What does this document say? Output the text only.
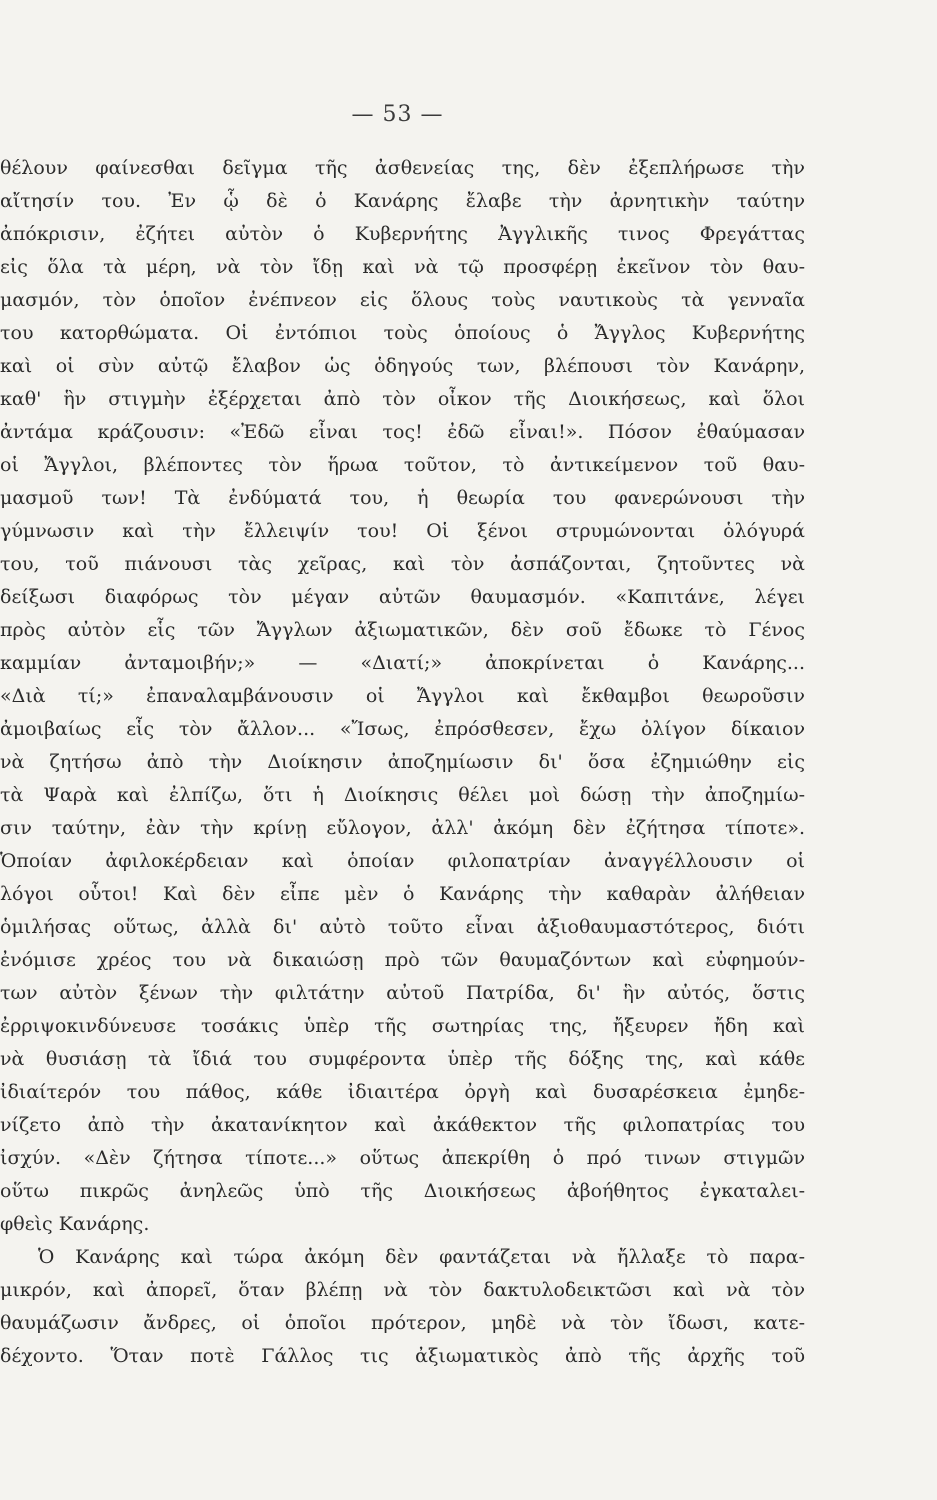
— 53 —
θέλουν φαίνεσθαι δεῖγμα τῆς ἀσθενείας της, δὲν ἐξεπλήρωσε τὴν
αἴτησίν του. Ἐν ᾧ δὲ ὁ Κανάρης ἔλαβε τὴν ἀρνητικὴν ταύτην
ἀπόκρισιν, ἐζήτει αὐτὸν ὁ Κυβερνήτης Ἀγγλικῆς τινος Φρεγάττας
εἰς ὅλα τὰ μέρη, νὰ τὸν ἴδῃ καὶ νὰ τῷ προσφέρῃ ἐκεῖνον τὸν θαυ-
μασμόν, τὸν ὁποῖον ἐνέπνεον εἰς ὅλους τοὺς ναυτικοὺς τὰ γενναῖα
του κατορθώματα. Οἱ ἐντόπιοι τοὺς ὁποίους ὁ Ἄγγλος Κυβερνήτης
καὶ οἱ σὺν αὐτῷ ἔλαβον ὡς ὁδηγούς των, βλέπουσι τὸν Κανάρην,
καθ' ἣν στιγμὴν ἐξέρχεται ἀπὸ τὸν οἶκον τῆς Διοικήσεως, καὶ ὅλοι
ἀντάμα κράζουσιν: «Ἐδῶ εἶναι τος! ἐδῶ εἶναι!». Πόσον ἐθαύμασαν
οἱ Ἄγγλοι, βλέποντες τὸν ἥρωα τοῦτον, τὸ ἀντικείμενον τοῦ θαυ-
μασμοῦ των! Τὰ ἐνδύματά του, ἡ θεωρία του φανερώνουσι τὴν
γύμνωσιν καὶ τὴν ἔλλειψίν του! Οἱ ξένοι στρυμώνονται ὁλόγυρά
του, τοῦ πιάνουσι τὰς χεῖρας, καὶ τὸν ἀσπάζονται, ζητοῦντες νὰ
δείξωσι διαφόρως τὸν μέγαν αὐτῶν θαυμασμόν. «Καπιτάνε, λέγει
πρὸς αὐτὸν εἷς τῶν Ἄγγλων ἀξιωματικῶν, δὲν σοῦ ἔδωκε τὸ Γένος
καμμίαν ἀνταμοιβήν;» — «Διατί;» ἀποκρίνεται ὁ Κανάρης...
«Διὰ τί;» ἐπαναλαμβάνουσιν οἱ Ἄγγλοι καὶ ἔκθαμβοι θεωροῦσιν
ἀμοιβαίως εἷς τὸν ἄλλον... «Ἴσως, ἐπρόσθεσεν, ἔχω ὀλίγον δίκαιον
νὰ ζητήσω ἀπὸ τὴν Διοίκησιν ἀποζημίωσιν δι' ὅσα ἐζημιώθην εἰς
τὰ Ψαρὰ καὶ ἐλπίζω, ὅτι ἡ Διοίκησις θέλει μοὶ δώσῃ τὴν ἀποζημίω-
σιν ταύτην, ἐὰν τὴν κρίνῃ εὔλογον, ἀλλ' ἀκόμη δὲν ἐζήτησα τίποτε».
Ὁποίαν ἀφιλοκέρδειαν καὶ ὁποίαν φιλοπατρίαν ἀναγγέλλουσιν οἱ
λόγοι οὗτοι! Καὶ δὲν εἶπε μὲν ὁ Κανάρης τὴν καθαρὰν ἀλήθειαν
ὁμιλήσας οὕτως, ἀλλὰ δι' αὐτὸ τοῦτο εἶναι ἀξιοθαυμαστότερος, διότι
ἐνόμισε χρέος του νὰ δικαιώσῃ πρὸ τῶν θαυμαζόντων καὶ εὐφημούν-
των αὐτὸν ξένων τὴν φιλτάτην αὐτοῦ Πατρίδα, δι' ἣν αὐτός, ὅστις
ἐρριψοκινδύνευσε τοσάκις ὑπὲρ τῆς σωτηρίας της, ἤξευρεν ἤδη καὶ
νὰ θυσιάσῃ τὰ ἴδιά του συμφέροντα ὑπὲρ τῆς δόξης της, καὶ κάθε
ἰδιαίτερόν του πάθος, κάθε ἰδιαιτέρα ὀργὴ καὶ δυσαρέσκεια ἐμηδε-
νίζετο ἀπὸ τὴν ἀκατανίκητον καὶ ἀκάθεκτον τῆς φιλοπατρίας του
ἰσχύν. «Δὲν ζήτησα τίποτε...» οὕτως ἀπεκρίθη ὁ πρό τινων στιγμῶν
οὕτω πικρῶς ἀνηλεῶς ὑπὸ τῆς Διοικήσεως ἀβοήθητος ἐγκαταλει-
φθεὶς Κανάρης.
Ὁ Κανάρης καὶ τώρα ἀκόμη δὲν φαντάζεται νὰ ἤλλαξε τὸ παρα-
μικρόν, καὶ ἀπορεῖ, ὅταν βλέπῃ νὰ τὸν δακτυλοδεικτῶσι καὶ νὰ τὸν
θαυμάζωσιν ἄνδρες, οἱ ὁποῖοι πρότερον, μηδὲ νὰ τὸν ἴδωσι, κατε-
δέχοντο. Ὅταν ποτὲ Γάλλος τις ἀξιωματικὸς ἀπὸ τῆς ἀρχῆς τοῦ
